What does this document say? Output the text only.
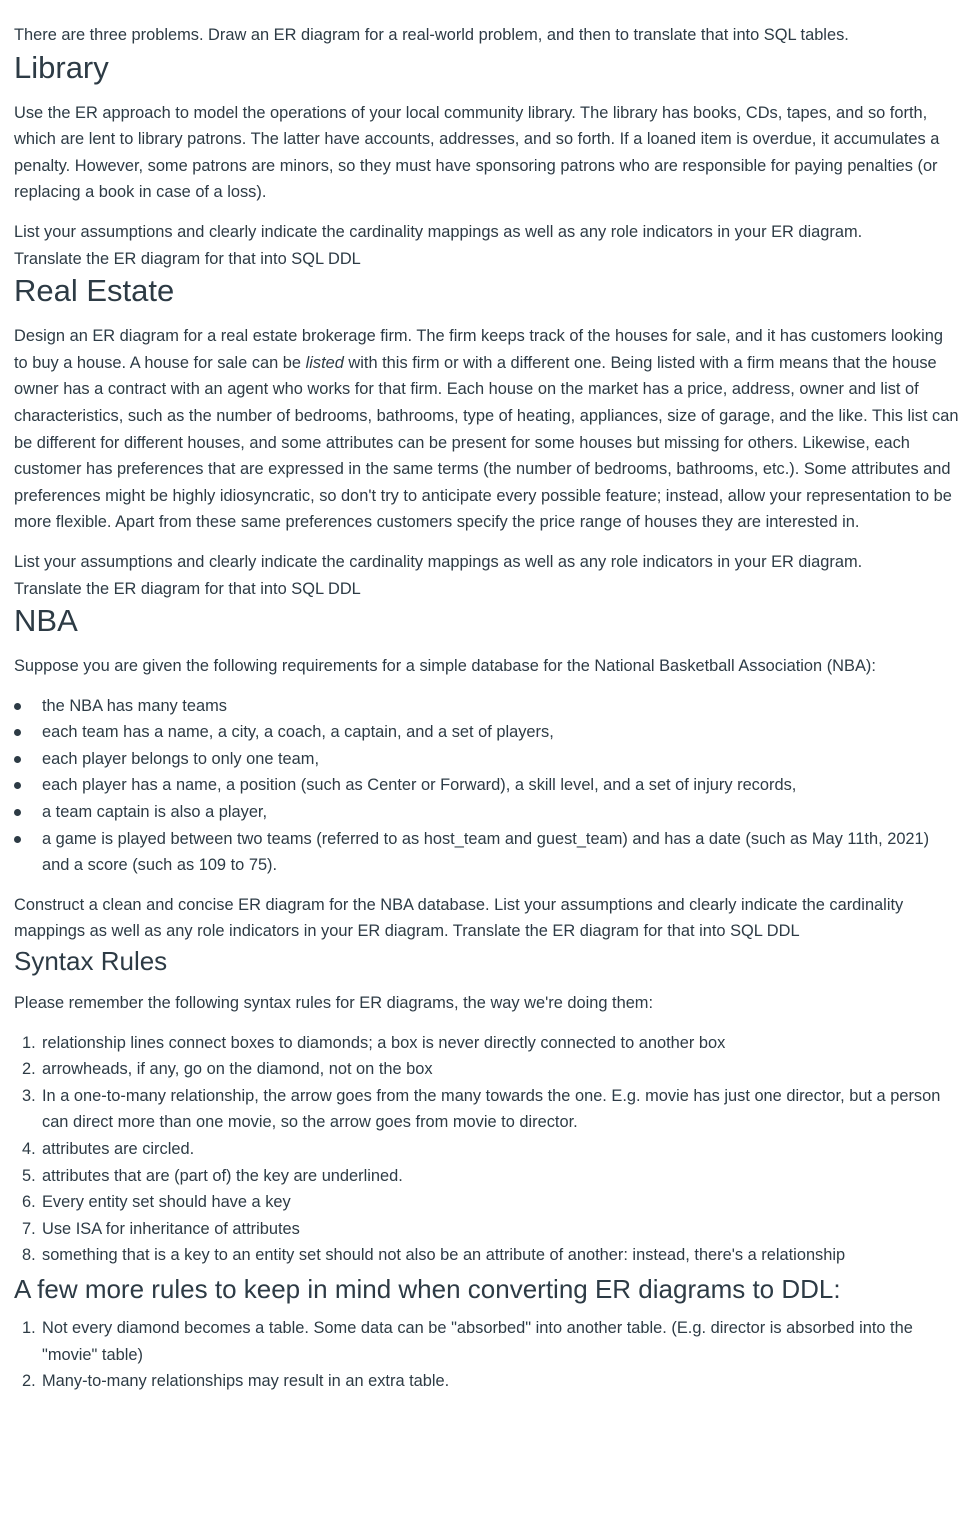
There are three problems. Draw an ER diagram for a real-world problem, and then to translate that into SQL tables.

Library

Use the ER approach to model the operations of your local community library. The library has books, CDs, tapes, and so forth, which are lent to library patrons. The latter have accounts, addresses, and so forth. If a loaned item is overdue, it accumulates a penalty. However, some patrons are minors, so they must have sponsoring patrons who are responsible for paying penalties (or replacing a book in case of a loss).

List your assumptions and clearly indicate the cardinality mappings as well as any role indicators in your ER diagram.
Translate the ER diagram for that into SQL DDL

Real Estate

Design an ER diagram for a real estate brokerage firm. The firm keeps track of the houses for sale, and it has customers looking to buy a house. A house for sale can be listed with this firm or with a different one. Being listed with a firm means that the house owner has a contract with an agent who works for that firm. Each house on the market has a price, address, owner and list of characteristics, such as the number of bedrooms, bathrooms, type of heating, appliances, size of garage, and the like. This list can be different for different houses, and some attributes can be present for some houses but missing for others. Likewise, each customer has preferences that are expressed in the same terms (the number of bedrooms, bathrooms, etc.). Some attributes and preferences might be highly idiosyncratic, so don't try to anticipate every possible feature; instead, allow your representation to be more flexible. Apart from these same preferences customers specify the price range of houses they are interested in.

List your assumptions and clearly indicate the cardinality mappings as well as any role indicators in your ER diagram.
Translate the ER diagram for that into SQL DDL

NBA

Suppose you are given the following requirements for a simple database for the National Basketball Association (NBA):

the NBA has many teams
each team has a name, a city, a coach, a captain, and a set of players,
each player belongs to only one team,
each player has a name, a position (such as Center or Forward), a skill level, and a set of injury records,
a team captain is also a player,
a game is played between two teams (referred to as host_team and guest_team) and has a date (such as May 11th, 2021) and a score (such as 109 to 75).

Construct a clean and concise ER diagram for the NBA database. List your assumptions and clearly indicate the cardinality mappings as well as any role indicators in your ER diagram. Translate the ER diagram for that into SQL DDL

Syntax Rules

Please remember the following syntax rules for ER diagrams, the way we're doing them:

1. relationship lines connect boxes to diamonds; a box is never directly connected to another box
2. arrowheads, if any, go on the diamond, not on the box
3. In a one-to-many relationship, the arrow goes from the many towards the one. E.g. movie has just one director, but a person can direct more than one movie, so the arrow goes from movie to director.
4. attributes are circled.
5. attributes that are (part of) the key are underlined.
6. Every entity set should have a key
7. Use ISA for inheritance of attributes
8. something that is a key to an entity set should not also be an attribute of another: instead, there's a relationship
A few more rules to keep in mind when converting ER diagrams to DDL:
1. Not every diamond becomes a table. Some data can be "absorbed" into another table. (E.g. director is absorbed into the "movie" table)
2. Many-to-many relationships may result in an extra table.
